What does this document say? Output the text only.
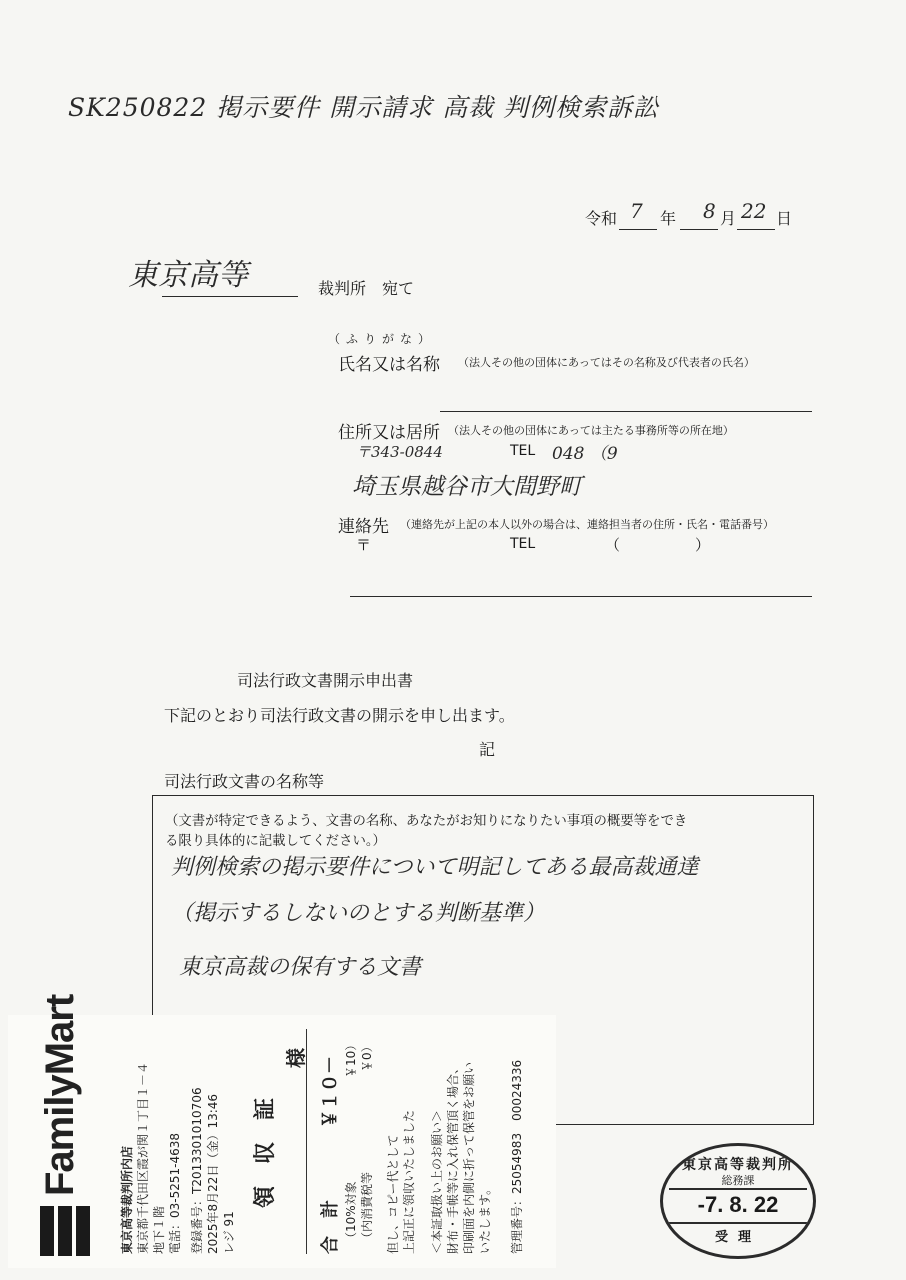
SK250822 掲示要件 開示請求 高裁 判例検索訴訟
令和 7 年 8 月 22 日
東京高等	裁判所　宛て
（ふりがな）
氏名又は名称 （法人その他の団体にあってはその名称及び代表者の氏名）
住所又は居所 （法人その他の団体にあっては主たる事務所等の所在地）
〒343-0844	TEL 048 （9
埼玉県越谷市大間野町
連絡先 （連絡先が上記の本人以外の場合は、連絡担当者の住所・氏名・電話番号）
〒	TEL	（　　　　　）
司法行政文書開示申出書
下記のとおり司法行政文書の開示を申し出ます。
記
司法行政文書の名称等
（文書が特定できるよう、文書の名称、あなたがお知りになりたい事項の概要等をでき
る限り具体的に記載してください。）
判例検索の掲示要件について明記してある最高裁通達
（掲示するしないのとする判断基準）
東京高裁の保有する文書
FamilyMart
東京高等裁判所内店 東京都千代田区霞が関１丁目１－４ 地下１階 電話：03-5251-4638 登録番号：T2013301010706 2025年8月22日（金）13:46 レジ 91
領　収　証
様
合　計
￥１０－
（10%対象
￥10）
（内消費税等
￥0）
但し、コピー代として 上記正に領収いたしました ＜本証取扱い上のお願い＞ 財布・手帳等に入れ保管頂く場合、 印刷面を内側に折って保管をお願い いたします。 管理番号：25054983　00024336	東京高等裁判所
総務課
-7. 8. 22
受理
